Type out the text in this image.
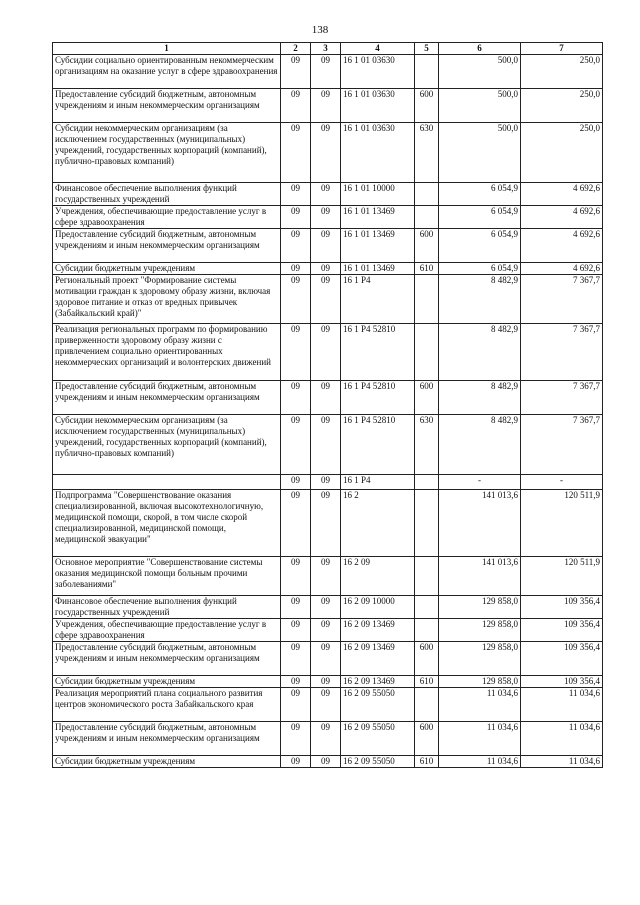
138
1	2	3	4	5	6	7
Субсидии социально ориентированным некоммерческим организациям на оказание услуг в сфере здравоохранения	09	09	16 1 01 03630		500,0	250,0
Предоставление субсидий бюджетным, автономным учреждениям и иным некоммерческим организациям	09	09	16 1 01 03630	600	500,0	250,0
Субсидии некоммерческим организациям (за исключением государственных (муниципальных) учреждений, государственных корпораций (компаний), публично-правовых компаний)	09	09	16 1 01 03630	630	500,0	250,0
Финансовое обеспечение выполнения функций государственных учреждений	09	09	16 1 01 10000		6 054,9	4 692,6
Учреждения, обеспечивающие предоставление услуг в сфере здравоохранения	09	09	16 1 01 13469		6 054,9	4 692,6
Предоставление субсидий бюджетным, автономным учреждениям и иным некоммерческим организациям	09	09	16 1 01 13469	600	6 054,9	4 692,6
Субсидии бюджетным учреждениям	09	09	16 1 01 13469	610	6 054,9	4 692,6
Региональный проект "Формирование системы мотивации граждан к здоровому образу жизни, включая здоровое питание и отказ от вредных привычек (Забайкальский край)"	09	09	16 1 Р4		8 482,9	7 367,7
Реализация региональных программ по формированию приверженности здоровому образу жизни с привлечением социально ориентированных некоммерческих организаций и волонтерских движений	09	09	16 1 Р4 52810		8 482,9	7 367,7
Предоставление субсидий бюджетным, автономным учреждениям и иным некоммерческим организациям	09	09	16 1 Р4 52810	600	8 482,9	7 367,7
Субсидии некоммерческим организациям (за исключением государственных (муниципальных) учреждений, государственных корпораций (компаний), публично-правовых компаний)	09	09	16 1 Р4 52810	630	8 482,9	7 367,7
	09	09	16 1 Р4		-	-
Подпрограмма "Совершенствование оказания специализированной, включая высокотехнологичную, медицинской помощи, скорой, в том числе скорой специализированной, медицинской помощи, медицинской эвакуации"	09	09	16 2		141 013,6	120 511,9
Основное мероприятие "Совершенствование системы оказания медицинской помощи больным прочими заболеваниями"	09	09	16 2 09		141 013,6	120 511,9
Финансовое обеспечение выполнения функций государственных учреждений	09	09	16 2 09 10000		129 858,0	109 356,4
Учреждения, обеспечивающие предоставление услуг в сфере здравоохранения	09	09	16 2 09 13469		129 858,0	109 356,4
Предоставление субсидий бюджетным, автономным учреждениям и иным некоммерческим организациям	09	09	16 2 09 13469	600	129 858,0	109 356,4
Субсидии бюджетным учреждениям	09	09	16 2 09 13469	610	129 858,0	109 356,4
Реализация мероприятий плана социального развития центров экономического роста Забайкальского края	09	09	16 2 09 55050		11 034,6	11 034,6
Предоставление субсидий бюджетным, автономным учреждениям и иным некоммерческим организациям	09	09	16 2 09 55050	600	11 034,6	11 034,6
Субсидии бюджетным учреждениям	09	09	16 2 09 55050	610	11 034,6	11 034,6
